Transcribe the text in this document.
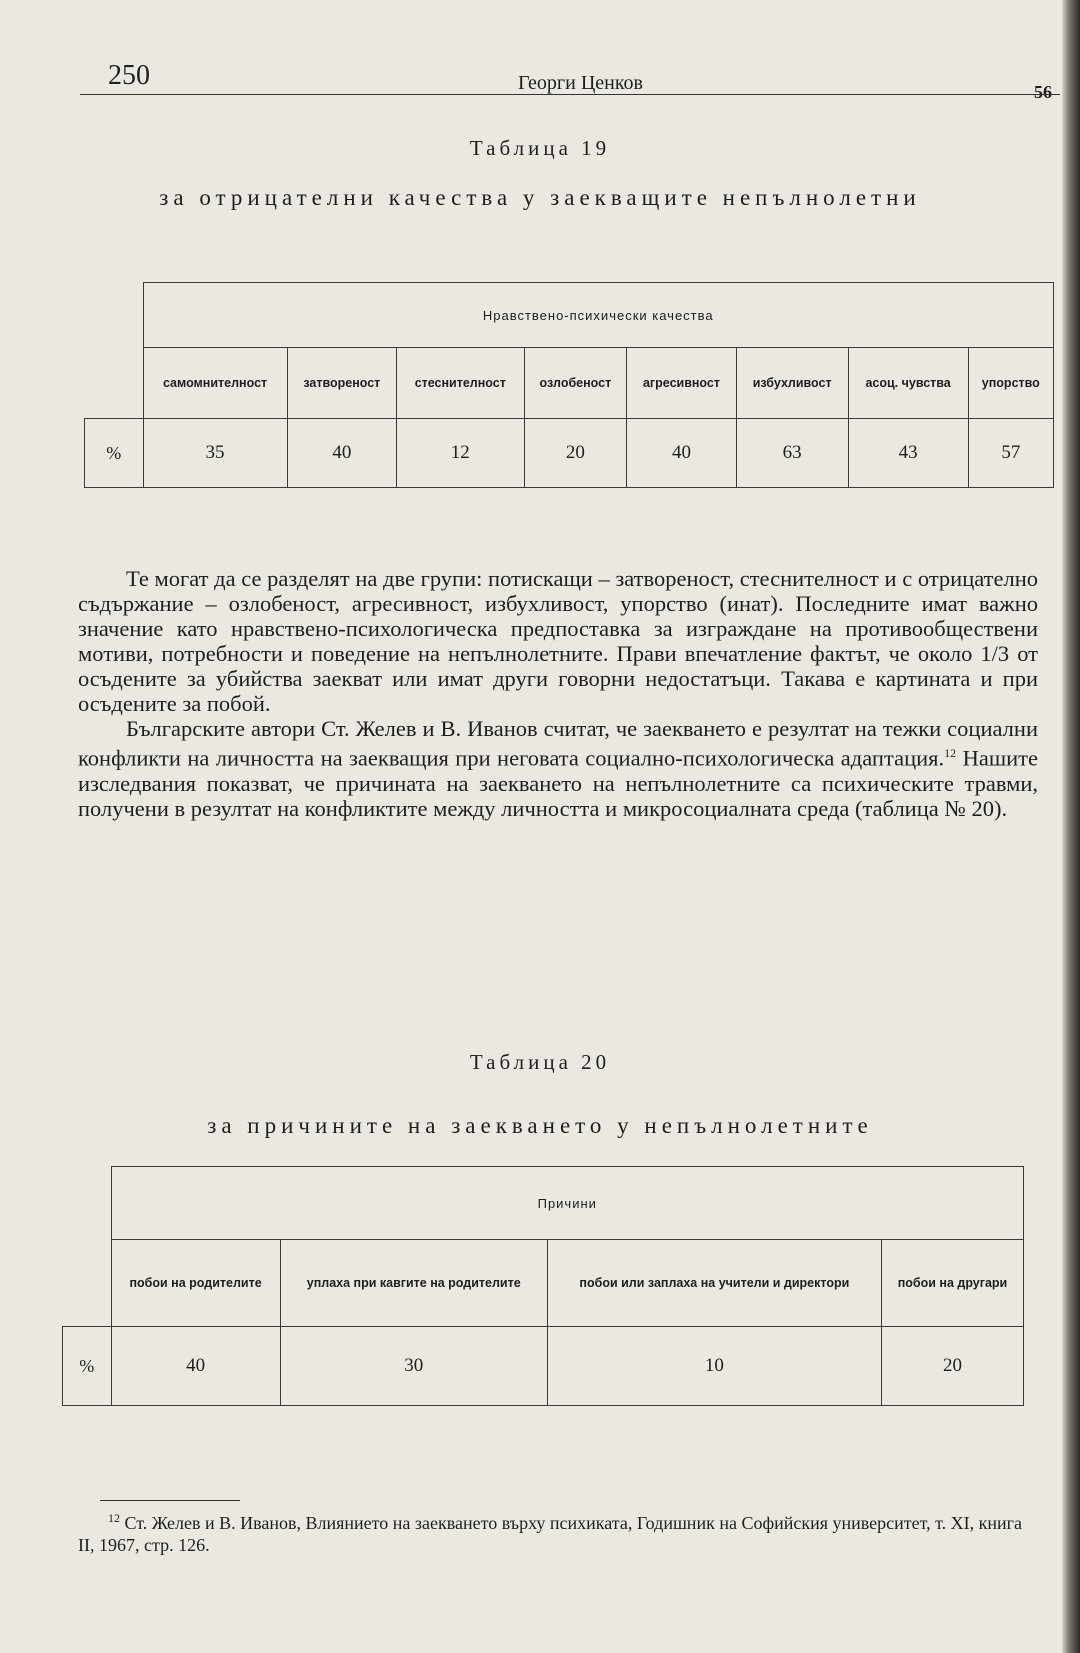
250	Георги Ценков	56
Таблица 19
за отрицателни качества у заекващите непълнолетни
	Нравствено-психически качества							
	самомнителност	затвореност	стеснителност	озлобеност	агресивност	избухливост	асоц. чувства	упорство
%	35	40	12	20	40	63	43	57

Те могат да се разделят на две групи: потискащи – затвореност, стеснителност и с отрицателно съдържание – озлобеност, агресивност, избухливост, упорство (инат). Последните имат важно значение като нравствено-психологическа предпоставка за изграждане на противообществени мотиви, потребности и поведение на непълнолетните. Прави впечатление фактът, че около 1/3 от осъдените за убийства заекват или имат други говорни недостатъци. Такава е картината и при осъдените за побой.

Българските автори Ст. Желев и В. Иванов считат, че заекването е резултат на тежки социални конфликти на личността на заекващия при неговата социално-психологическа адаптация.$^{12}$ Нашите изследвания показват, че причината на заекването на непълнолетните са психическите травми, получени в резултат на конфликтите между личността и микросоциалната среда (таблица № 20).

Таблица 20
за причините на заекването у непълнолетните
	Причини			
	побои на родителите	уплаха при кавгите на родителите	побои или заплаха на учители и директори	побои на другари
%	40	30	10	20
$^{12}$ Ст. Желев и В. Иванов, Влиянието на заекването върху психиката, Годишник на Софийския университет, т. XI, книга II, 1967, стр. 126.
